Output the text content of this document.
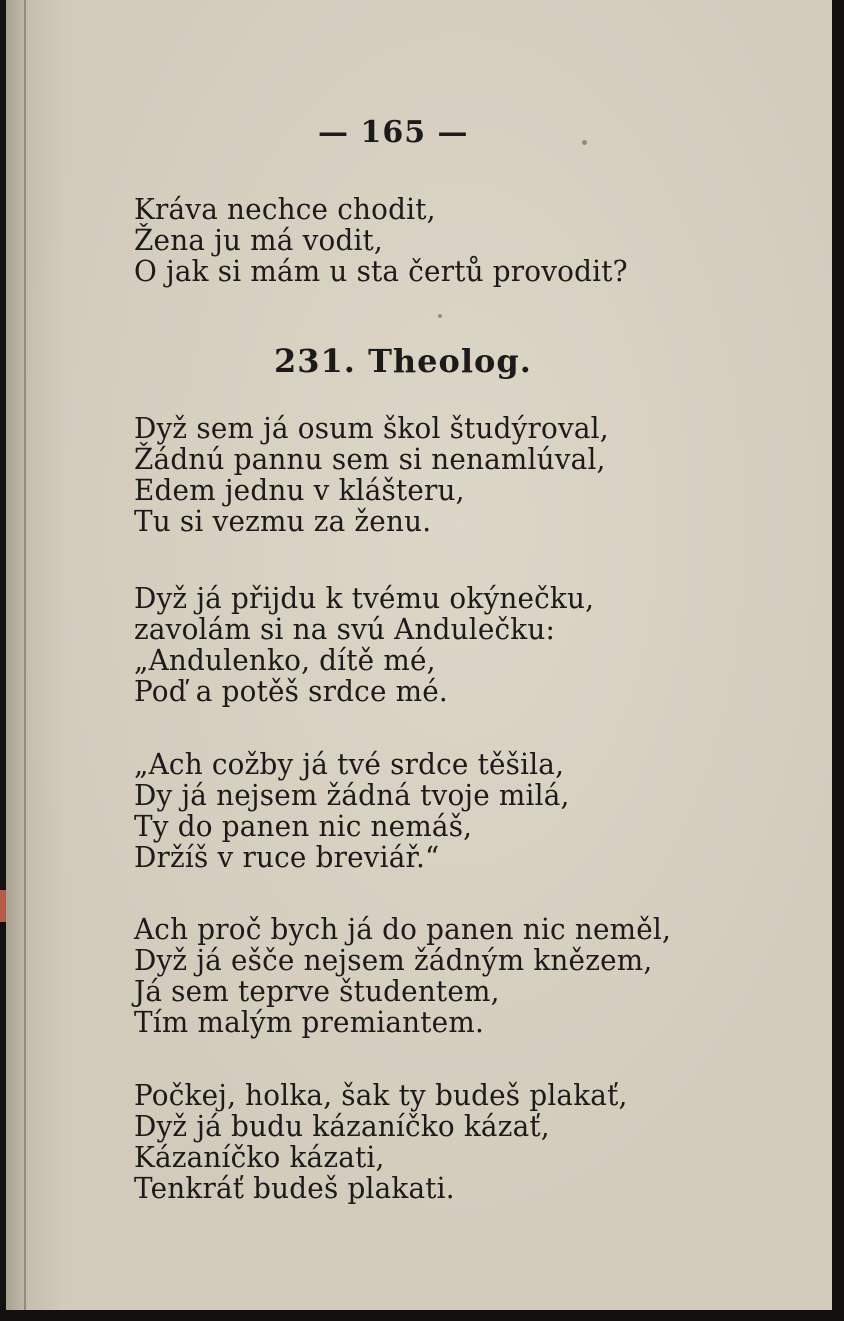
— 165 —
Kráva nechce chodit,
Žena ju má vodit,
O jak si mám u sta čertů provodit?
231. Theolog.
Dyž sem já osum škol študýroval,
Žádnú pannu sem si nenamlúval,
Edem jednu v klášteru,
Tu si vezmu za ženu.
Dyž já přijdu k tvému okýnečku,
zavolám si na svú Andulečku:
„Andulenko, dítě mé,
Poď a potěš srdce mé.
„Ach cožby já tvé srdce těšila,
Dy já nejsem žádná tvoje milá,
Ty do panen nic nemáš,
Držíš v ruce breviář.“
Ach proč bych já do panen nic neměl,
Dyž já ešče nejsem žádným knězem,
Já sem teprve študentem,
Tím malým premiantem.
Počkej, holka, šak ty budeš plakať,
Dyž já budu kázaníčko kázať,
Kázaníčko kázati,
Tenkráť budeš plakati.
